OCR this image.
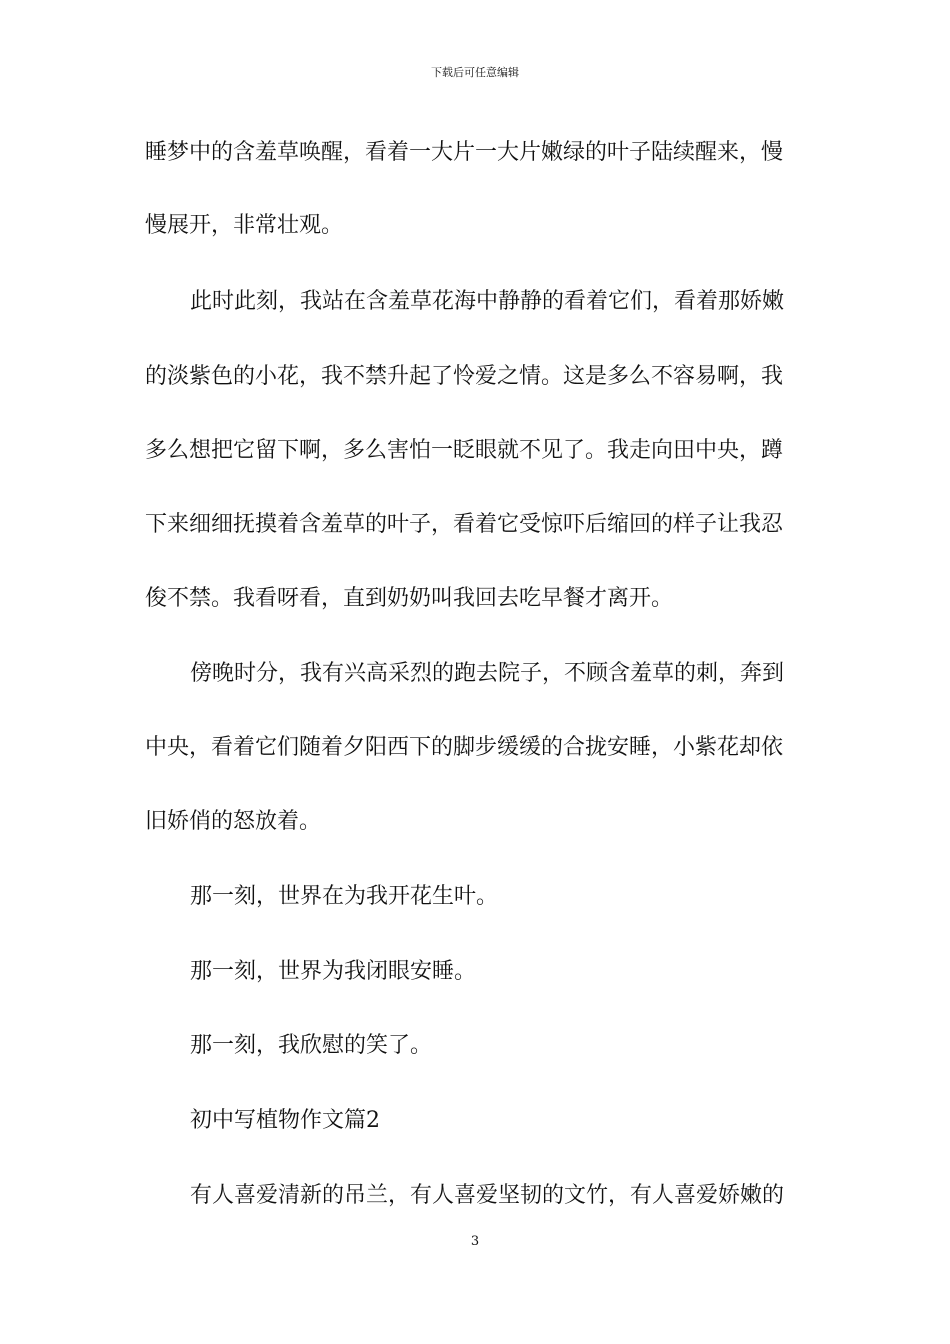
下载后可任意编辑
睡梦中的含羞草唤醒，看着一大片一大片嫩绿的叶子陆续醒来，慢
慢展开，非常壮观。
此时此刻，我站在含羞草花海中静静的看着它们，看着那娇嫩
的淡紫色的小花，我不禁升起了怜爱之情。这是多么不容易啊，我
多么想把它留下啊，多么害怕一眨眼就不见了。我走向田中央，蹲
下来细细抚摸着含羞草的叶子，看着它受惊吓后缩回的样子让我忍
俊不禁。我看呀看，直到奶奶叫我回去吃早餐才离开。
傍晚时分，我有兴高采烈的跑去院子，不顾含羞草的刺，奔到
中央，看着它们随着夕阳西下的脚步缓缓的合拢安睡，小紫花却依
旧娇俏的怒放着。
那一刻，世界在为我开花生叶。
那一刻，世界为我闭眼安睡。
那一刻，我欣慰的笑了。
初中写植物作文篇2
有人喜爱清新的吊兰，有人喜爱坚韧的文竹，有人喜爱娇嫩的
3
